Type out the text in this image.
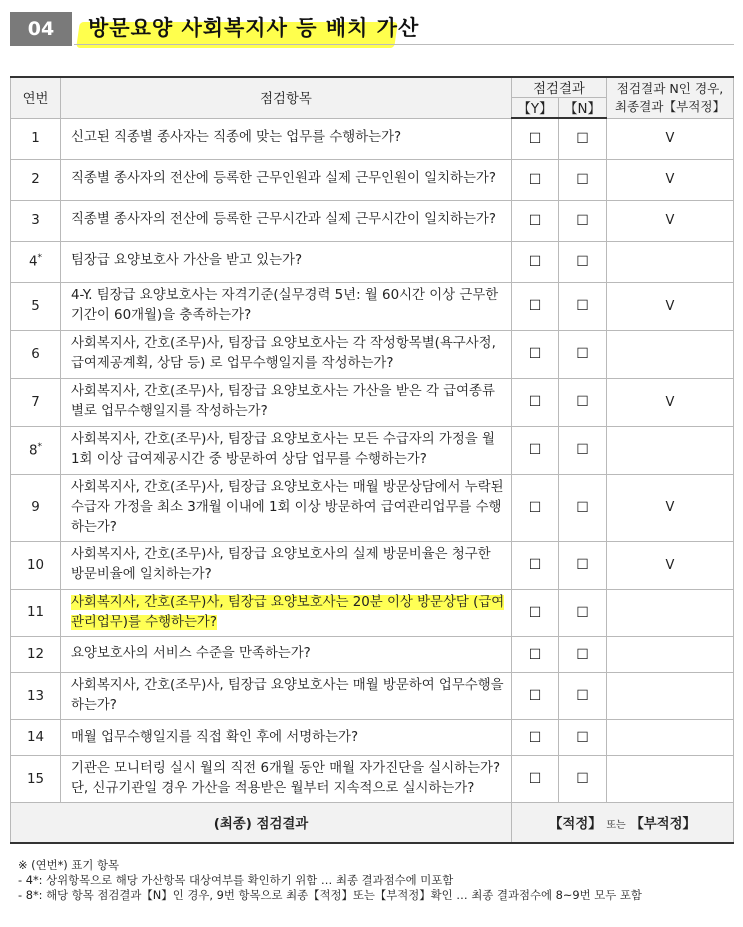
04	방문요양 사회복지사 등 배치 가산
연번	점검항목	점검결과		점검결과 N인 경우,
최종결과【부적정】

		【Y】	【N】	
1	신고된 직종별 종사자는 직종에 맞는 업무를 수행하는가?	☐	☐	V
2	직종별 종사자의 전산에 등록한 근무인원과 실제 근무인원이 일치하는가?	☐	☐	V
3	직종별 종사자의 전산에 등록한 근무시간과 실제 근무시간이 일치하는가?	☐	☐	V
4*	팀장급 요양보호사 가산을 받고 있는가?	☐	☐	
5	4-Y. 팀장급 요양보호사는 자격기준(실무경력 5년: 월 60시간 이상 근무한 기간이 60개월)을 충족하는가?	☐	☐	V
6	사회복지사, 간호(조무)사, 팀장급 요양보호사는 각 작성항목별(욕구사정, 급여제공계획, 상담 등) 로 업무수행일지를 작성하는가?	☐	☐	
7	사회복지사, 간호(조무)사, 팀장급 요양보호사는 가산을 받은 각 급여종류별로 업무수행일지를 작성하는가?	☐	☐	V
8*	사회복지사, 간호(조무)사, 팀장급 요양보호사는 모든 수급자의 가정을 월 1회 이상 급여제공시간 중 방문하여 상담 업무를 수행하는가?	☐	☐	
9	사회복지사, 간호(조무)사, 팀장급 요양보호사는 매월 방문상담에서 누락된 수급자 가정을 최소 3개월 이내에 1회 이상 방문하여 급여관리업무를 수행하는가?	☐	☐	V
10	사회복지사, 간호(조무)사, 팀장급 요양보호사의 실제 방문비율은 청구한 방문비율에 일치하는가?	☐	☐	V
11	사회복지사, 간호(조무)사, 팀장급 요양보호사는 20분 이상 방문상담 (급여관리업무)를 수행하는가?	☐	☐	
12	요양보호사의 서비스 수준을 만족하는가?	☐	☐	
13	사회복지사, 간호(조무)사, 팀장급 요양보호사는 매월 방문하여 업무수행을 하는가?	☐	☐	
14	매월 업무수행일지를 직접 확인 후에 서명하는가?	☐	☐	
15	기관은 모니터링 실시 월의 직전 6개월 동안 매월 자가진단을 실시하는가? 단, 신규기관일 경우 가산을 적용받은 월부터 지속적으로 실시하는가?	☐	☐	
(최종) 점검결과		【적정】 또는 【부적정】		
※ (연번*) 표기 항목
- 4*: 상위항목으로 해당 가산항목 대상여부를 확인하기 위함 … 최종 결과점수에 미포함
- 8*: 해당 항목 점검결과【N】인 경우, 9번 항목으로 최종【적정】또는【부적정】확인 … 최종 결과점수에 8~9번 모두 포함
